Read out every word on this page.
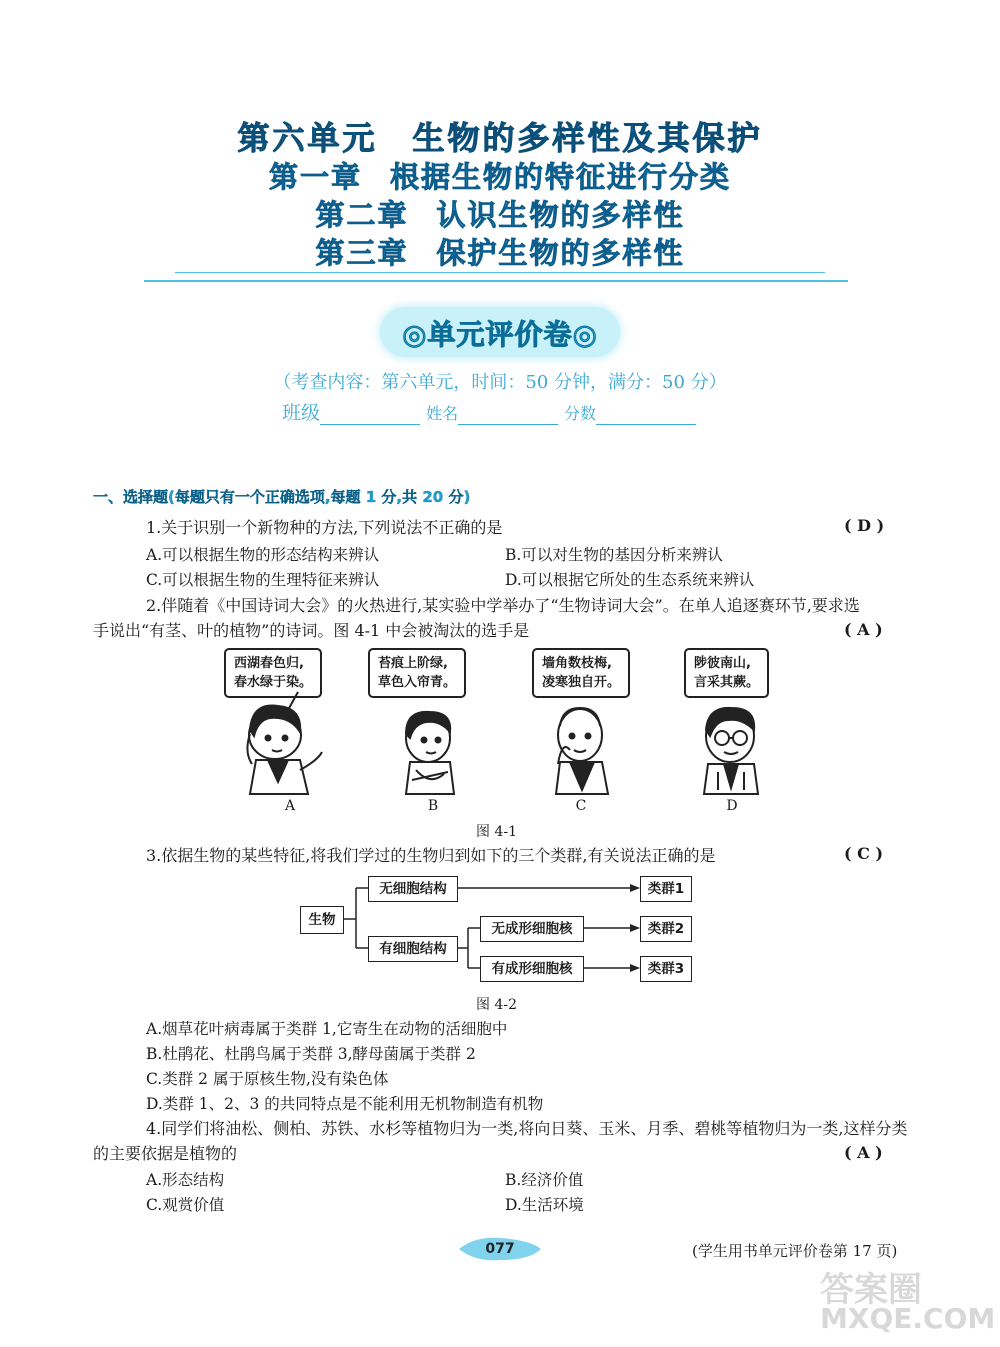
第六单元　生物的多样性及其保护
第一章 根据生物的特征进行分类
第二章 认识生物的多样性
第三章 保护生物的多样性
◎单元评价卷◎
（考查内容：第六单元，时间：50 分钟，满分：50 分）
班级	姓名	分数
一、选择题(每题只有一个正确选项,每题 1 分,共 20 分)
1.关于识别一个新物种的方法,下列说法不正确的是	( D )
A.可以根据生物的形态结构来辨认	B.可以对生物的基因分析来辨认
C.可以根据生物的生理特征来辨认	D.可以根据它所处的生态系统来辨认
2.伴随着《中国诗词大会》的火热进行,某实验中学举办了“生物诗词大会”。在单人追逐赛环节,要求选
手说出“有茎、叶的植物”的诗词。图 4-1 中会被淘汰的选手是	( A )
西湖春色归,
春水绿于染。
苔痕上阶绿,
草色入帘青。
墙角数枝梅,
凌寒独自开。
陟彼南山,
言采其蕨。
A	B	C	D
图 4-1
3.依据生物的某些特征,将我们学过的生物归到如下的三个类群,有关说法正确的是	( C )
生物
无细胞结构
有细胞结构
无成形细胞核
有成形细胞核
类群1
类群2
类群3
图 4-2
A.烟草花叶病毒属于类群 1,它寄生在动物的活细胞中
B.杜鹃花、杜鹃鸟属于类群 3,酵母菌属于类群 2
C.类群 2 属于原核生物,没有染色体
D.类群 1、2、3 的共同特点是不能利用无机物制造有机物
4.同学们将油松、侧柏、苏铁、水杉等植物归为一类,将向日葵、玉米、月季、碧桃等植物归为一类,这样分类
的主要依据是植物的	( A )
A.形态结构	B.经济价值
C.观赏价值	D.生活环境
077	(学生用书单元评价卷第 17 页)
答案圈
MXQE.COM
